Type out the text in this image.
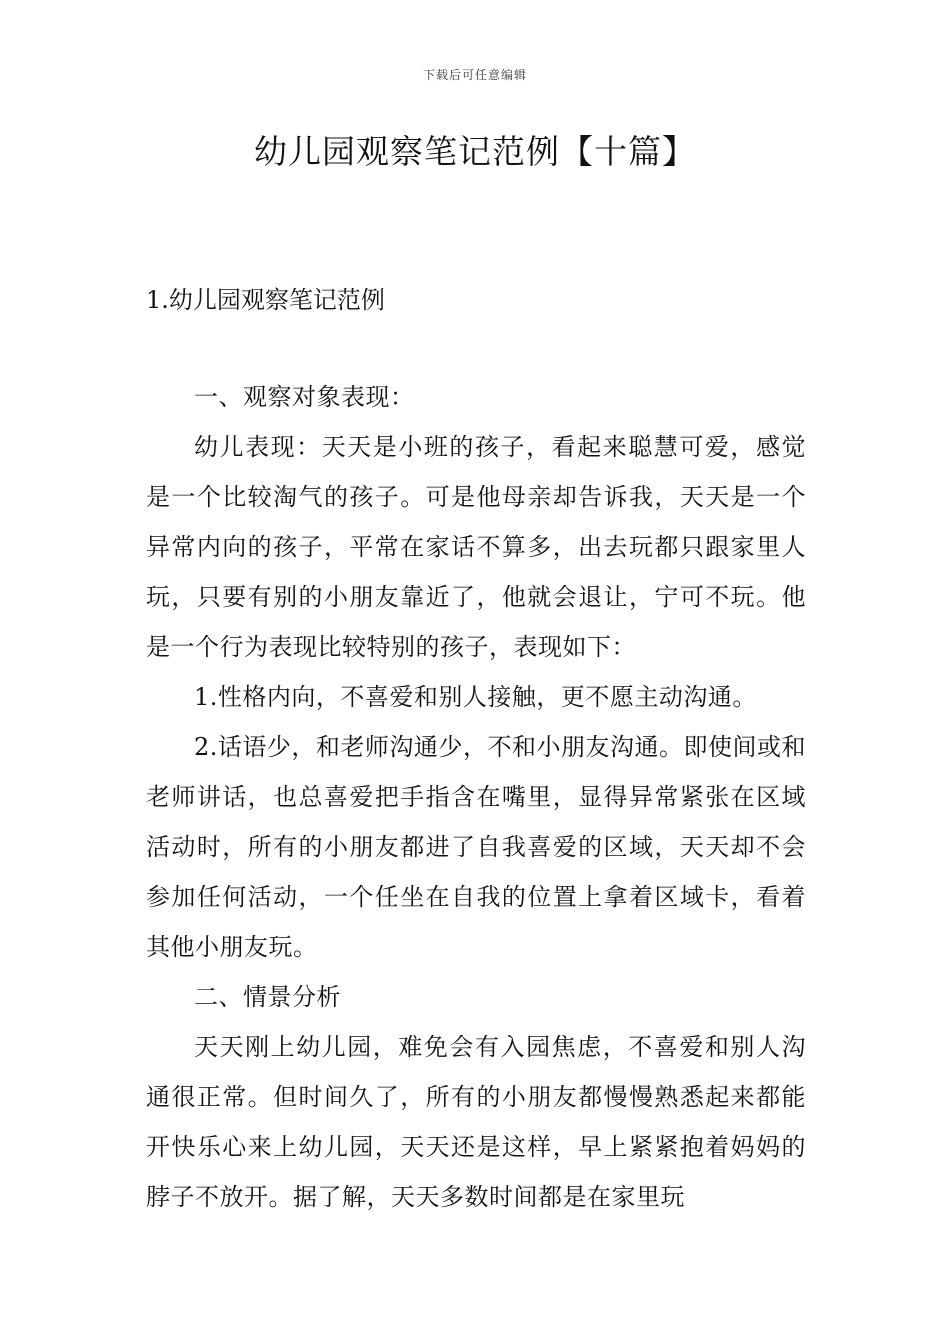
下载后可任意编辑
幼儿园观察笔记范例【十篇】
1.幼儿园观察笔记范例

一、观察对象表现：

幼儿表现：天天是小班的孩子，看起来聪慧可爱，感觉是一个比较淘气的孩子。可是他母亲却告诉我，天天是一个异常内向的孩子，平常在家话不算多，出去玩都只跟家里人玩，只要有别的小朋友靠近了，他就会退让，宁可不玩。他是一个行为表现比较特别的孩子，表现如下：

1.性格内向，不喜爱和别人接触，更不愿主动沟通。

2.话语少，和老师沟通少，不和小朋友沟通。即使间或和老师讲话，也总喜爱把手指含在嘴里，显得异常紧张在区域活动时，所有的小朋友都进了自我喜爱的区域，天天却不会参加任何活动，一个任坐在自我的位置上拿着区域卡，看着其他小朋友玩。

二、情景分析

天天刚上幼儿园，难免会有入园焦虑，不喜爱和别人沟通很正常。但时间久了，所有的小朋友都慢慢熟悉起来都能开快乐心来上幼儿园，天天还是这样，早上紧紧抱着妈妈的脖子不放开。据了解，天天多数时间都是在家里玩
